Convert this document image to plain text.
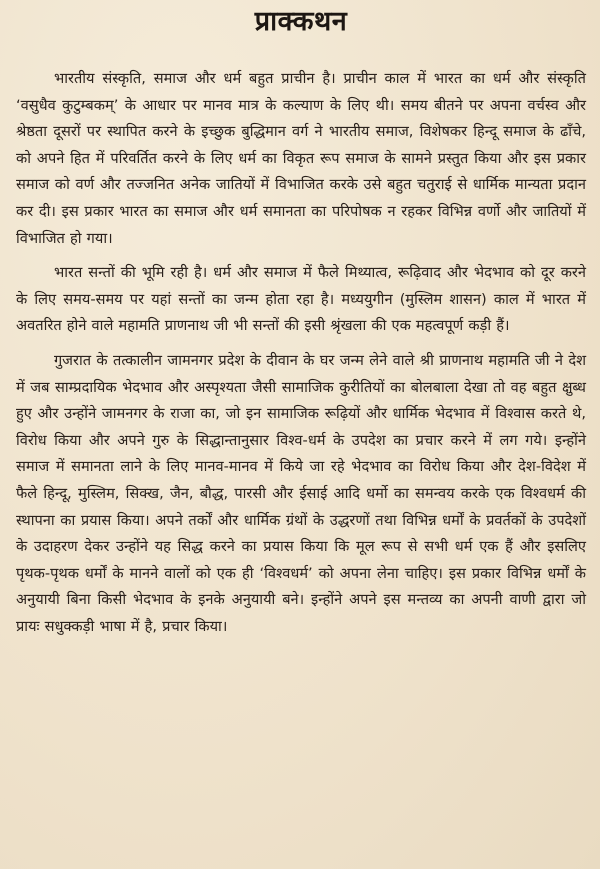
प्राक्कथन

भारतीय संस्कृति, समाज और धर्म बहुत प्राचीन है। प्राचीन काल में भारत का धर्म और संस्कृति ‘वसुधैव कुटुम्बकम्’ के आधार पर मानव मात्र के कल्याण के लिए थी। समय बीतने पर अपना वर्चस्व और श्रेष्ठता दूसरों पर स्थापित करने के इच्छुक बुद्धिमान वर्ग ने भारतीय समाज, विशेषकर हिन्दू समाज के ढाँचे, को अपने हित में परिवर्तित करने के लिए धर्म का विकृत रूप समाज के सामने प्रस्तुत किया और इस प्रकार समाज को वर्ण और तज्जनित अनेक जातियों में विभाजित करके उसे बहुत चतुराई से धार्मिक मान्यता प्रदान कर दी। इस प्रकार भारत का समाज और धर्म समानता का परिपोषक न रहकर विभिन्न वर्णो और जातियों में विभाजित हो गया।

भारत सन्तों की भूमि रही है। धर्म और समाज में फैले मिथ्यात्व, रूढ़िवाद और भेदभाव को दूर करने के लिए समय-समय पर यहां सन्तों का जन्म होता रहा है। मध्ययुगीन (मुस्लिम शासन) काल में भारत में अवतरित होने वाले महामति प्राणनाथ जी भी सन्तों की इसी श्रृंखला की एक महत्वपूर्ण कड़ी हैं।

गुजरात के तत्कालीन जामनगर प्रदेश के दीवान के घर जन्म लेने वाले श्री प्राणनाथ महामति जी ने देश में जब साम्प्रदायिक भेदभाव और अस्पृश्यता जैसी सामाजिक कुरीतियों का बोलबाला देखा तो वह बहुत क्षुब्ध हुए और उन्होंने जामनगर के राजा का, जो इन सामाजिक रूढ़ियों और धार्मिक भेदभाव में विश्वास करते थे, विरोध किया और अपने गुरु के सिद्धान्तानुसार विश्व-धर्म के उपदेश का प्रचार करने में लग गये। इन्होंने समाज में समानता लाने के लिए मानव-मानव में किये जा रहे भेदभाव का विरोध किया और देश-विदेश में फैले हिन्दू, मुस्लिम, सिक्ख, जैन, बौद्ध, पारसी और ईसाई आदि धर्मो का समन्वय करके एक विश्वधर्म की स्थापना का प्रयास किया। अपने तर्कों और धार्मिक ग्रंथों के उद्धरणों तथा विभिन्न धर्मों के प्रवर्तकों के उपदेशों के उदाहरण देकर उन्होंने यह सिद्ध करने का प्रयास किया कि मूल रूप से सभी धर्म एक हैं और इसलिए पृथक-पृथक धर्मों के मानने वालों को एक ही ‘विश्वधर्म’ को अपना लेना चाहिए। इस प्रकार विभिन्न धर्मों के अनुयायी बिना किसी भेदभाव के इनके अनुयायी बने। इन्होंने अपने इस मन्तव्य का अपनी वाणी द्वारा जो प्रायः सधुक्कड़ी भाषा में है, प्रचार किया।
